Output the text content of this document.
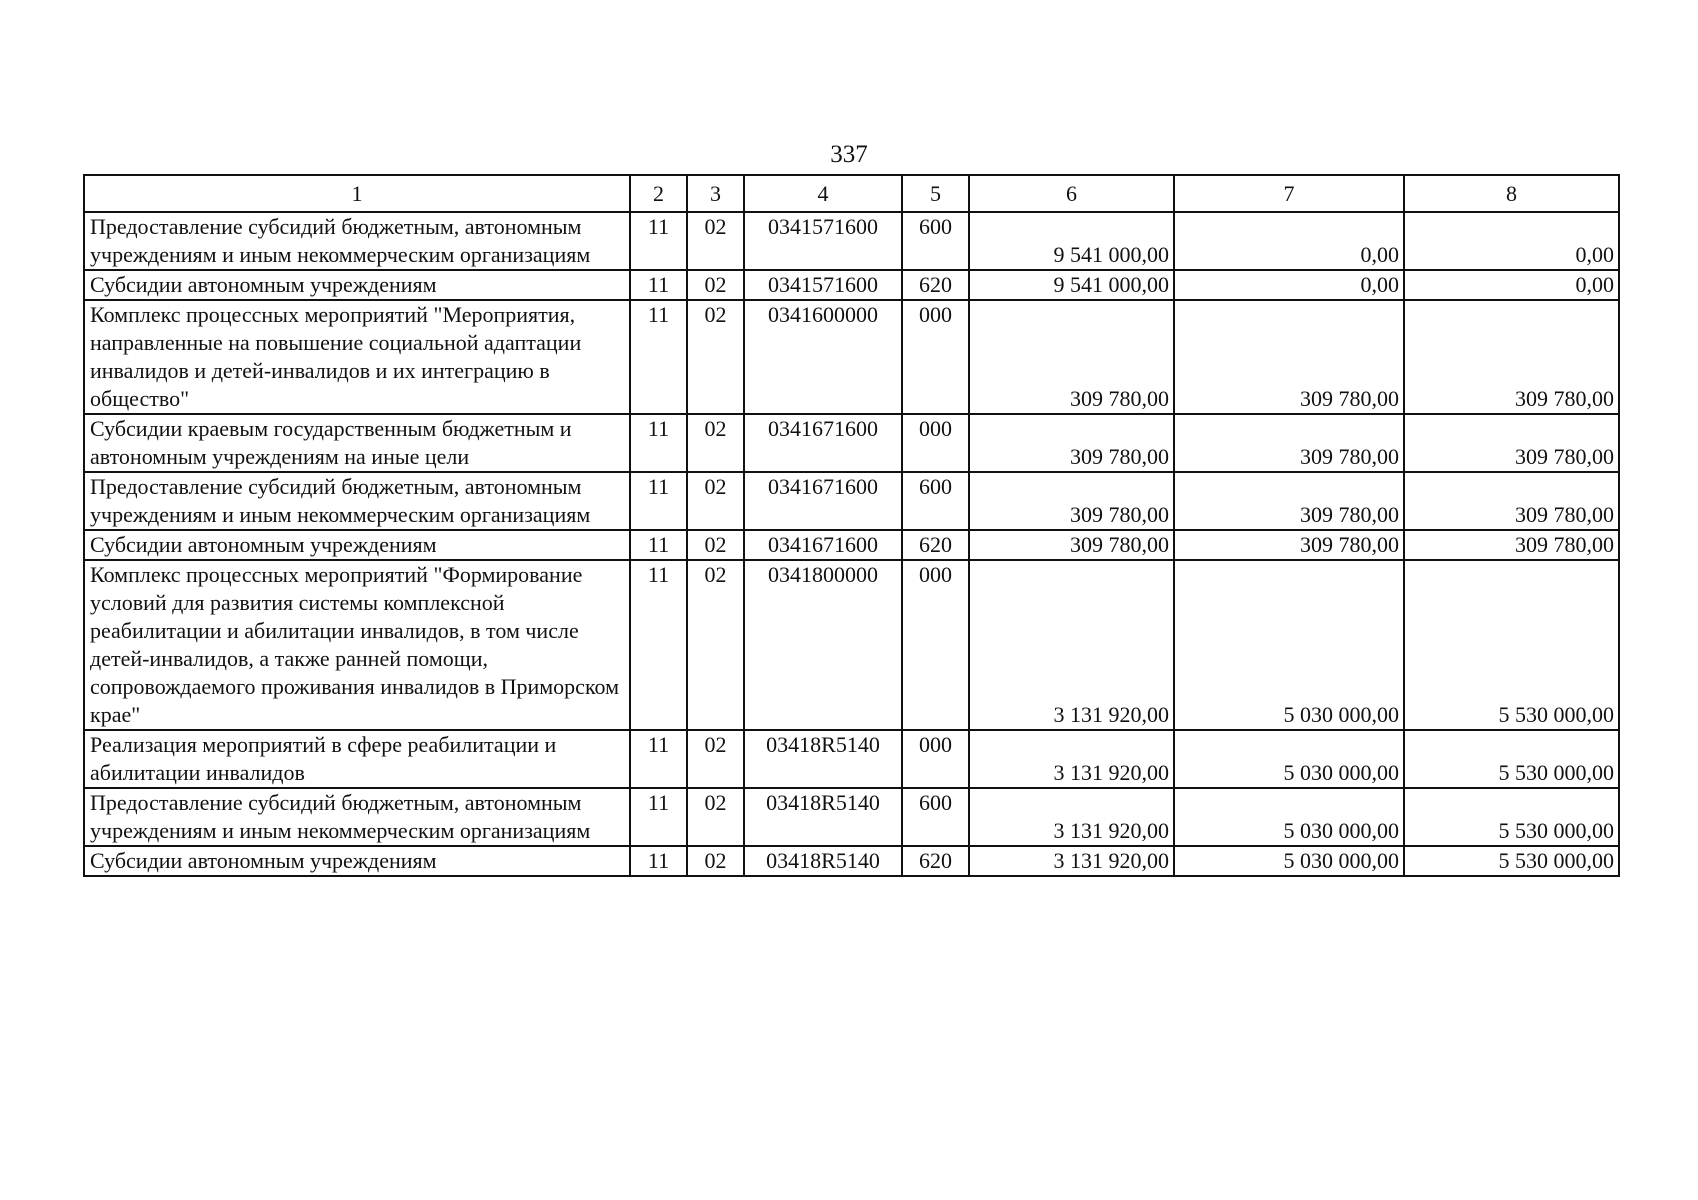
337
1	2	3	4	5	6	7	8
Предоставление субсидий бюджетным, автономным учреждениям и иным некоммерческим организациям	11	02	0341571600	600	9 541 000,00	0,00	0,00
Субсидии автономным учреждениям	11	02	0341571600	620	9 541 000,00	0,00	0,00
Комплекс процессных мероприятий "Мероприятия, направленные на повышение социальной адаптации инвалидов и детей-инвалидов и их интеграцию в общество"	11	02	0341600000	000	309 780,00	309 780,00	309 780,00
Субсидии краевым государственным бюджетным и автономным учреждениям на иные цели	11	02	0341671600	000	309 780,00	309 780,00	309 780,00
Предоставление субсидий бюджетным, автономным учреждениям и иным некоммерческим организациям	11	02	0341671600	600	309 780,00	309 780,00	309 780,00
Субсидии автономным учреждениям	11	02	0341671600	620	309 780,00	309 780,00	309 780,00
Комплекс процессных мероприятий "Формирование условий для развития системы комплексной реабилитации и абилитации инвалидов, в том числе детей-инвалидов, а также ранней помощи, сопровождаемого проживания инвалидов в Приморском крае"	11	02	0341800000	000	3 131 920,00	5 030 000,00	5 530 000,00
Реализация мероприятий в сфере реабилитации и абилитации инвалидов	11	02	03418R5140	000	3 131 920,00	5 030 000,00	5 530 000,00
Предоставление субсидий бюджетным, автономным учреждениям и иным некоммерческим организациям	11	02	03418R5140	600	3 131 920,00	5 030 000,00	5 530 000,00
Субсидии автономным учреждениям	11	02	03418R5140	620	3 131 920,00	5 030 000,00	5 530 000,00
